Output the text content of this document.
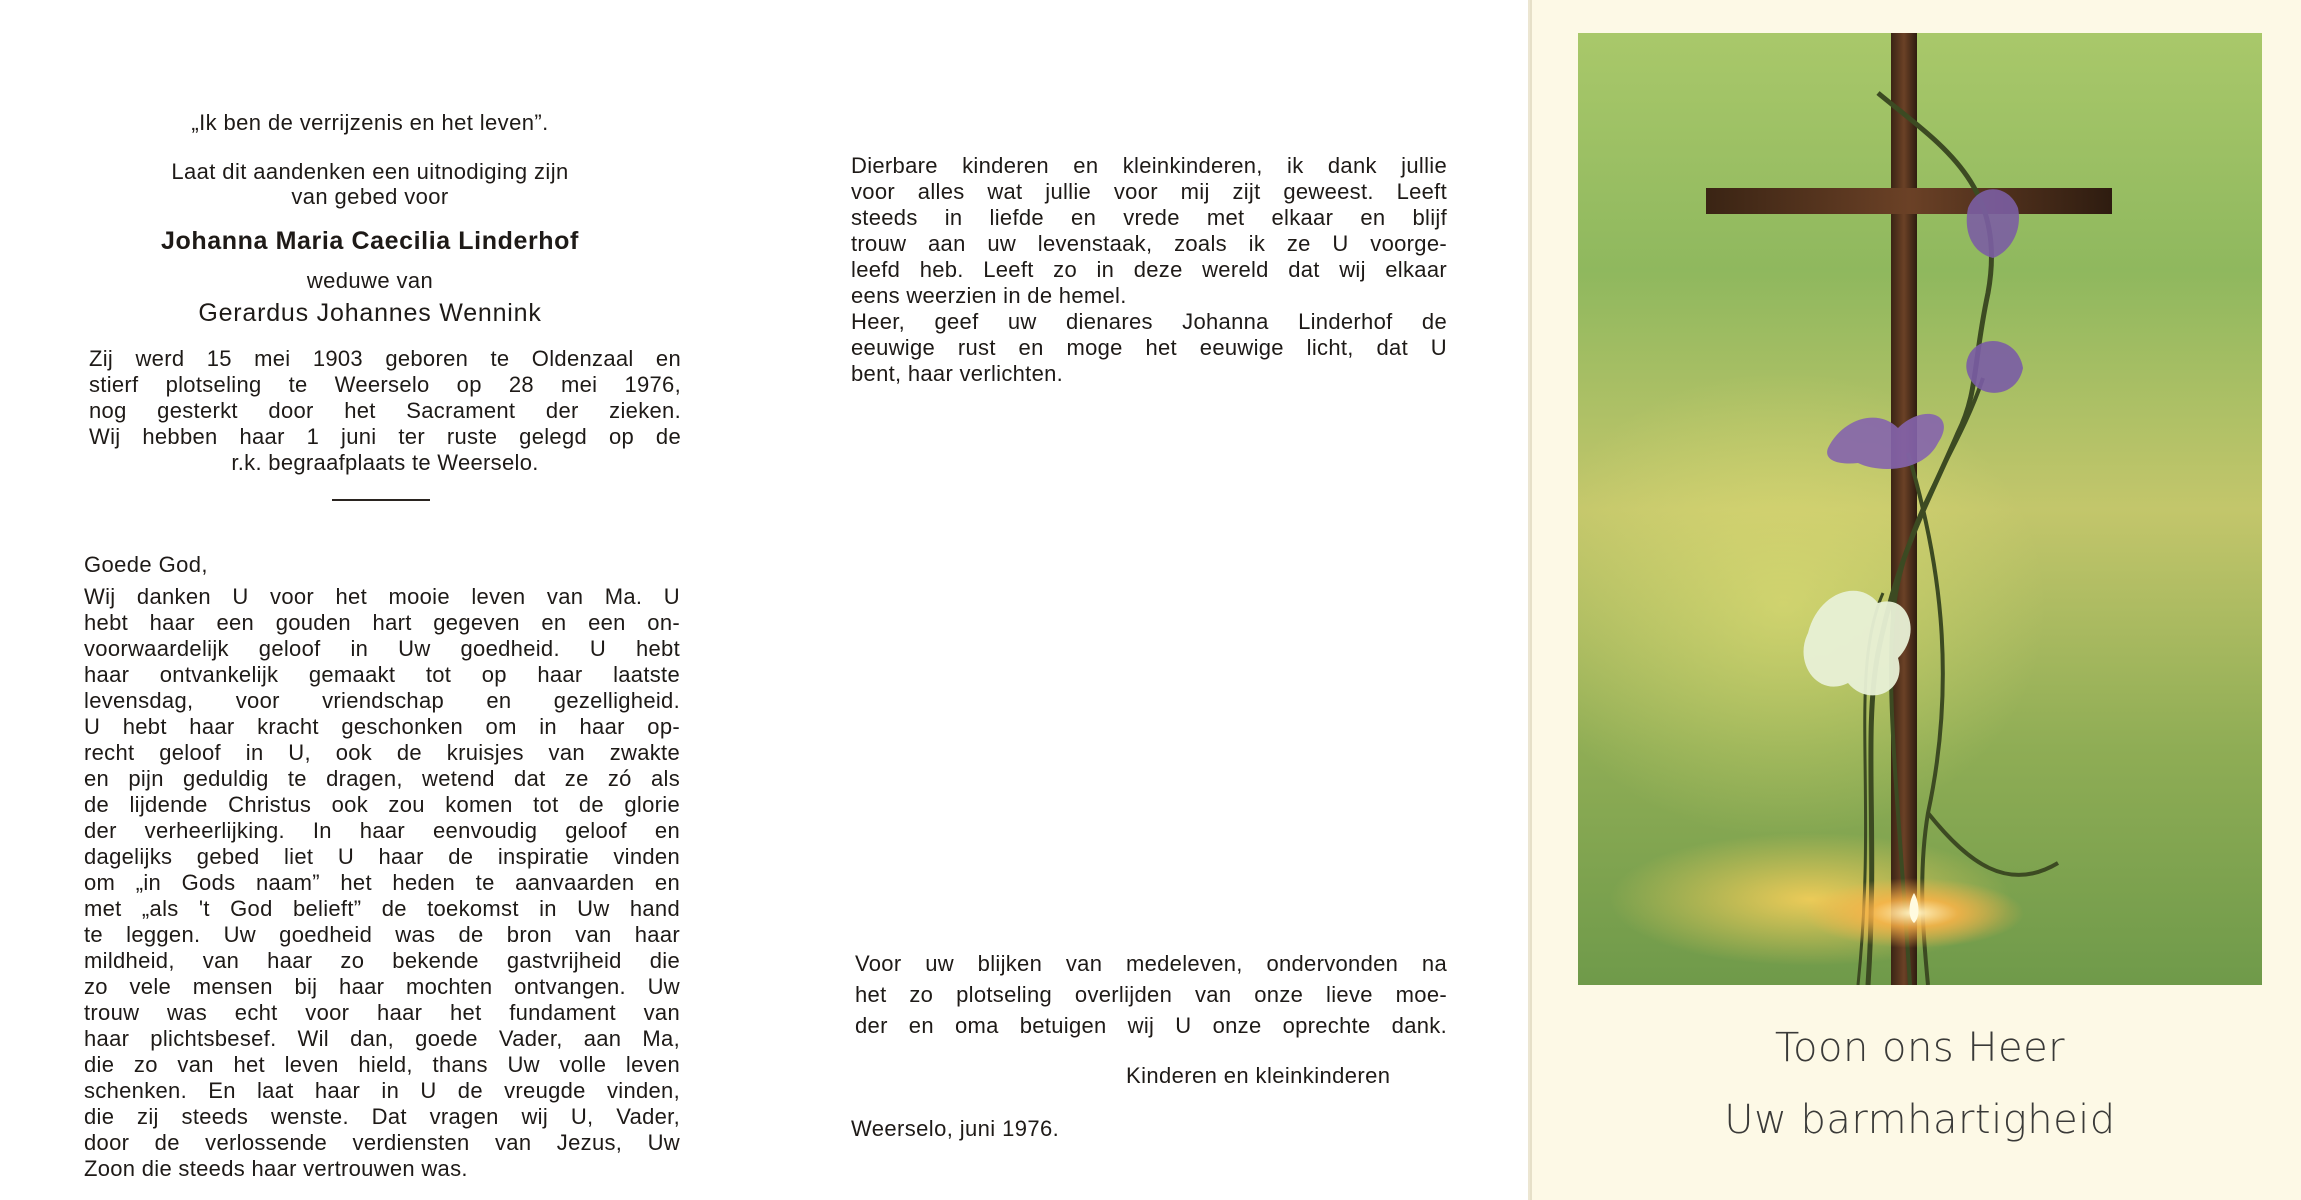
„Ik ben de verrijzenis en het leven”.
Laat dit aandenken een uitnodiging zijn
van gebed voor
Johanna Maria Caecilia Linderhof
weduwe van
Gerardus Johannes Wennink
Zij werd 15 mei 1903 geboren te Oldenzaal en
stierf plotseling te Weerselo op 28 mei 1976,
nog gesterkt door het Sacrament der zieken.
Wij hebben haar 1 juni ter ruste gelegd op de
r.k. begraafplaats te Weerselo.
Goede God,
Wij danken U voor het mooie leven van Ma. U
hebt haar een gouden hart gegeven en een on-
voorwaardelijk geloof in Uw goedheid. U hebt
haar ontvankelijk gemaakt tot op haar laatste
levensdag, voor vriendschap en gezelligheid.
U hebt haar kracht geschonken om in haar op-
recht geloof in U, ook de kruisjes van zwakte
en pijn geduldig te dragen, wetend dat ze zó als
de lijdende Christus ook zou komen tot de glorie
der verheerlijking. In haar eenvoudig geloof en
dagelijks gebed liet U haar de inspiratie vinden
om „in Gods naam” het heden te aanvaarden en
met „als 't God belieft” de toekomst in Uw hand
te leggen. Uw goedheid was de bron van haar
mildheid, van haar zo bekende gastvrijheid die
zo vele mensen bij haar mochten ontvangen. Uw
trouw was echt voor haar het fundament van
haar plichtsbesef. Wil dan, goede Vader, aan Ma,
die zo van het leven hield, thans Uw volle leven
schenken. En laat haar in U de vreugde vinden,
die zij steeds wenste. Dat vragen wij U, Vader,
door de verlossende verdiensten van Jezus, Uw
Zoon die steeds haar vertrouwen was.
Dierbare kinderen en kleinkinderen, ik dank jullie
voor alles wat jullie voor mij zijt geweest. Leeft
steeds in liefde en vrede met elkaar en blijf
trouw aan uw levenstaak, zoals ik ze U voorge-
leefd heb. Leeft zo in deze wereld dat wij elkaar
eens weerzien in de hemel.
Heer, geef uw dienares Johanna Linderhof de
eeuwige rust en moge het eeuwige licht, dat U
bent, haar verlichten.
Voor uw blijken van medeleven, ondervonden na
het zo plotseling overlijden van onze lieve moe-
der en oma betuigen wij U onze oprechte dank.
Kinderen en kleinkinderen
Weerselo, juni 1976.
Toon ons Heer
Uw barmhartigheid
